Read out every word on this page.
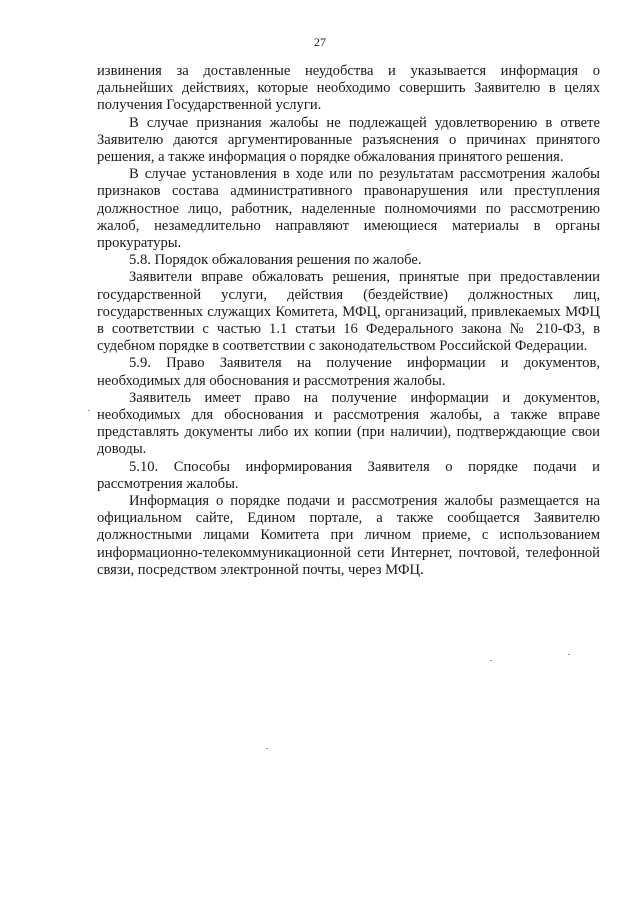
27

извинения за доставленные неудобства и указывается информация о дальнейших действиях, которые необходимо совершить Заявителю в целях получения Государственной услуги.

В случае признания жалобы не подлежащей удовлетворению в ответе Заявителю даются аргументированные разъяснения о причинах принятого решения, а также информация о порядке обжалования принятого решения.

В случае установления в ходе или по результатам рассмотрения жалобы признаков состава административного правонарушения или преступления должностное лицо, работник, наделенные полномочиями по рассмотрению жалоб, незамедлительно направляют имеющиеся материалы в органы прокуратуры.

5.8. Порядок обжалования решения по жалобе.

Заявители вправе обжаловать решения, принятые при предоставлении государственной услуги, действия (бездействие) должностных лиц, государственных служащих Комитета, МФЦ, организаций, привлекаемых МФЦ в соответствии с частью 1.1 статьи 16 Федерального закона № 210-ФЗ, в судебном порядке в соответствии с законодательством Российской Федерации.

5.9. Право Заявителя на получение информации и документов, необходимых для обоснования и рассмотрения жалобы.

Заявитель имеет право на получение информации и документов, необходимых для обоснования и рассмотрения жалобы, а также вправе представлять документы либо их копии (при наличии), подтверждающие свои доводы.

5.10. Способы информирования Заявителя о порядке подачи и рассмотрения жалобы.

Информация о порядке подачи и рассмотрения жалобы размещается на официальном сайте, Едином портале, а также сообщается Заявителю должностными лицами Комитета при личном приеме, с использованием информационно-телекоммуникационной сети Интернет, почтовой, телефонной связи, посредством электронной почты, через МФЦ.
